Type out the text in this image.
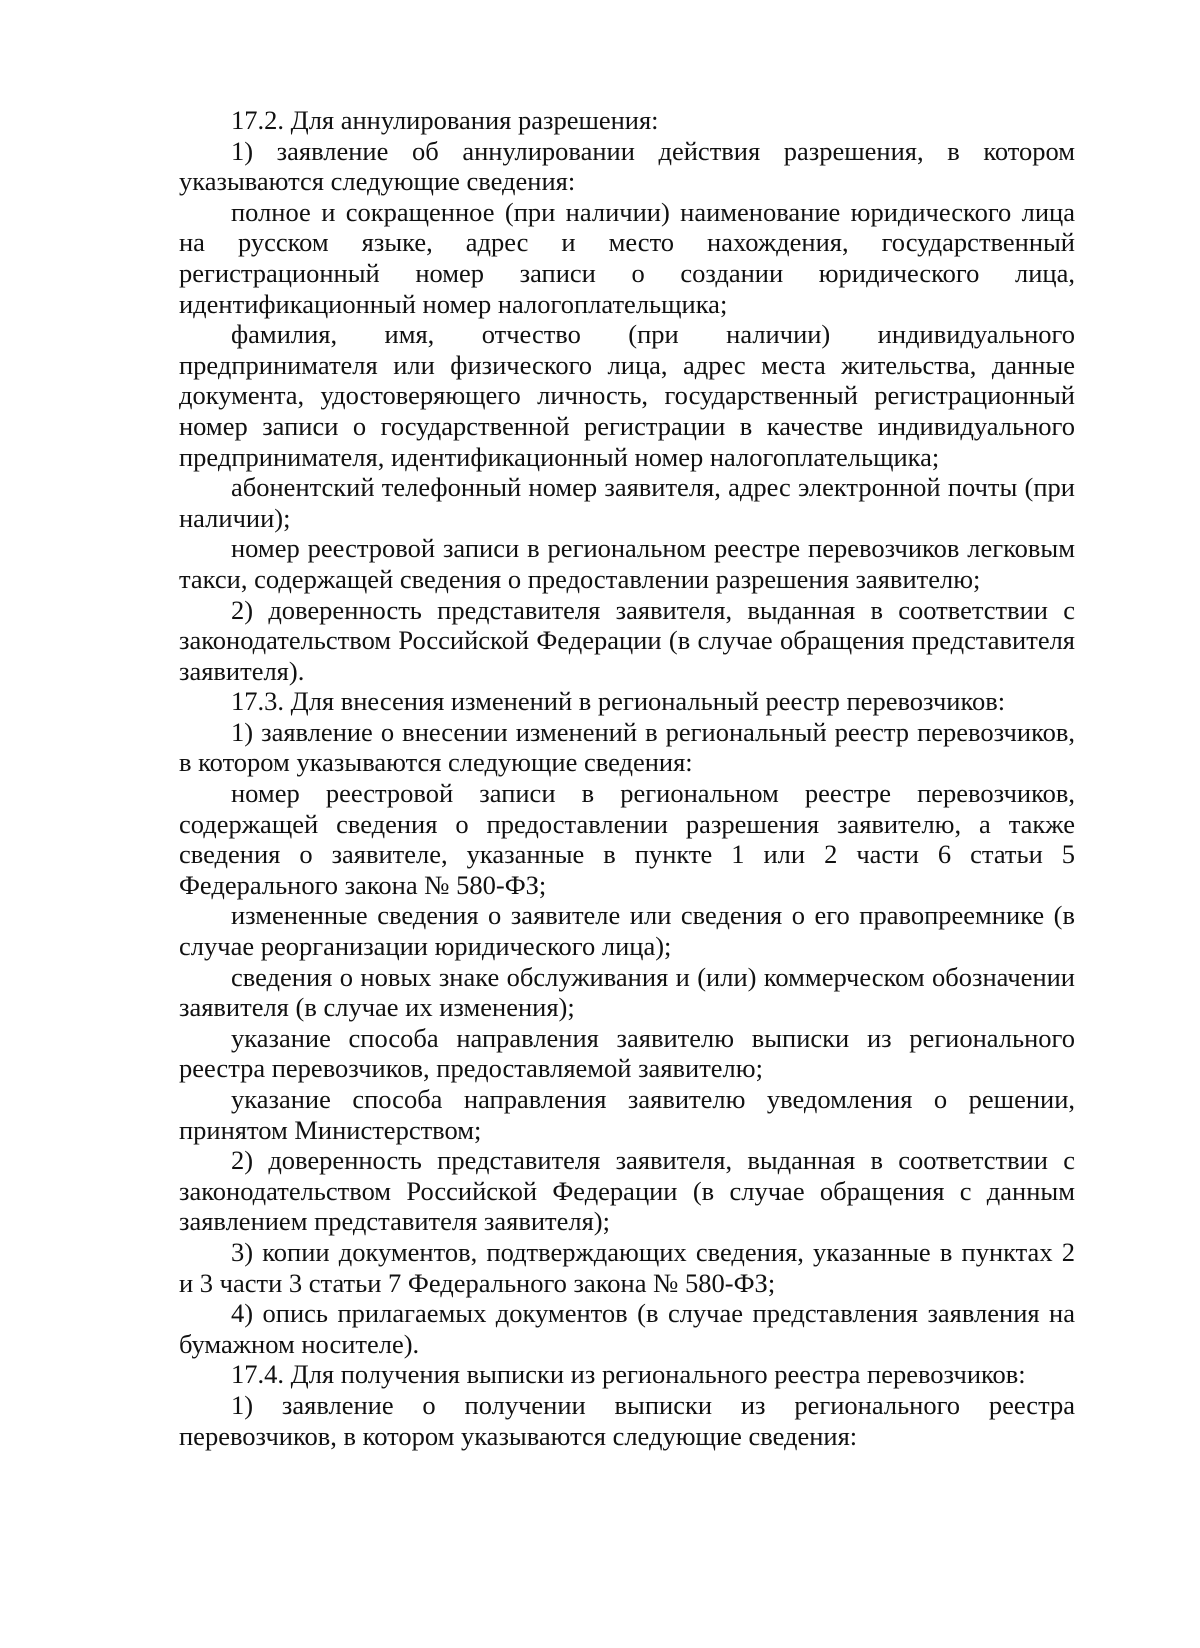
17.2. Для аннулирования разрешения:

1) заявление об аннулировании действия разрешения, в котором указываются следующие сведения:

полное и сокращенное (при наличии) наименование юридического лица на русском языке, адрес и место нахождения, государственный регистрационный номер записи о создании юридического лица, идентификационный номер налогоплательщика;

фамилия, имя, отчество (при наличии) индивидуального предпринимателя или физического лица, адрес места жительства, данные документа, удостоверяющего личность, государственный регистрационный номер записи о государственной регистрации в качестве индивидуального предпринимателя, идентификационный номер налогоплательщика;

абонентский телефонный номер заявителя, адрес электронной почты (при наличии);

номер реестровой записи в региональном реестре перевозчиков легковым такси, содержащей сведения о предоставлении разрешения заявителю;

2) доверенность представителя заявителя, выданная в соответствии с законодательством Российской Федерации (в случае обращения представителя заявителя).

17.3. Для внесения изменений в региональный реестр перевозчиков:

1) заявление о внесении изменений в региональный реестр перевозчиков, в котором указываются следующие сведения:

номер реестровой записи в региональном реестре перевозчиков, содержащей сведения о предоставлении разрешения заявителю, а также сведения о заявителе, указанные в пункте 1 или 2 части 6 статьи 5 Федерального закона № 580-ФЗ;

измененные сведения о заявителе или сведения о его правопреемнике (в случае реорганизации юридического лица);

сведения о новых знаке обслуживания и (или) коммерческом обозначении заявителя (в случае их изменения);

указание способа направления заявителю выписки из регионального реестра перевозчиков, предоставляемой заявителю;

указание способа направления заявителю уведомления о решении, принятом Министерством;

2) доверенность представителя заявителя, выданная в соответствии с законодательством Российской Федерации (в случае обращения с данным заявлением представителя заявителя);

3) копии документов, подтверждающих сведения, указанные в пунктах 2 и 3 части 3 статьи 7 Федерального закона № 580-ФЗ;

4) опись прилагаемых документов (в случае представления заявления на бумажном носителе).

17.4. Для получения выписки из регионального реестра перевозчиков:

1) заявление о получении выписки из регионального реестра перевозчиков, в котором указываются следующие сведения:
